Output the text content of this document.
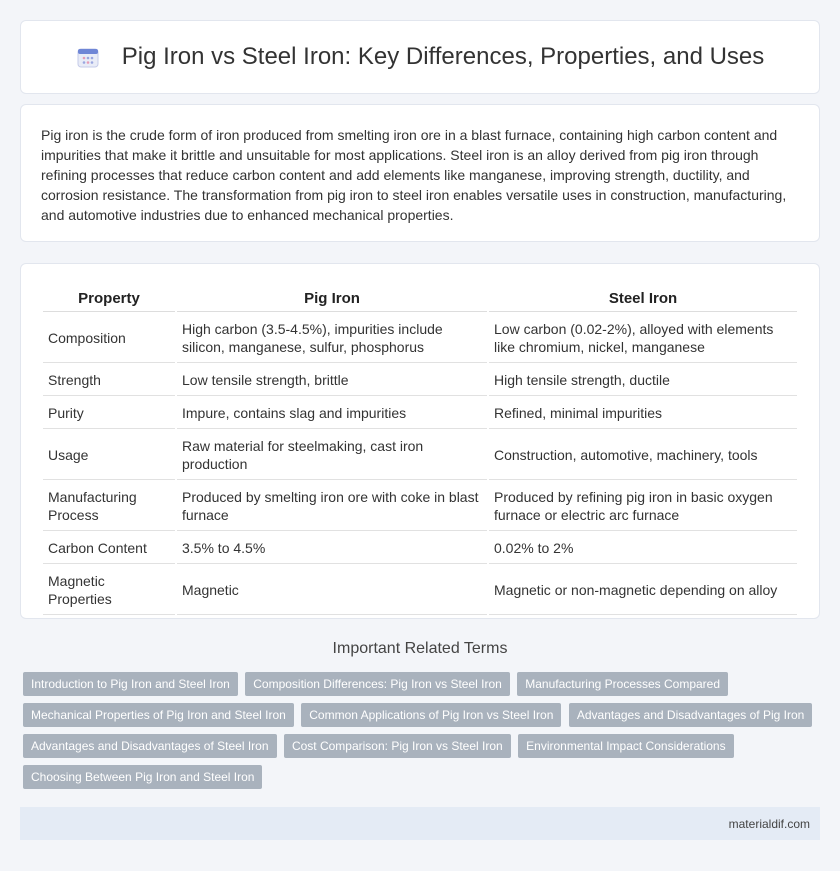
Pig Iron vs Steel Iron: Key Differences, Properties, and Uses

Pig iron is the crude form of iron produced from smelting iron ore in a blast furnace, containing high carbon content and impurities that make it brittle and unsuitable for most applications. Steel iron is an alloy derived from pig iron through refining processes that reduce carbon content and add elements like manganese, improving strength, ductility, and corrosion resistance. The transformation from pig iron to steel iron enables versatile uses in construction, manufacturing, and automotive industries due to enhanced mechanical properties.

Property	Pig Iron	Steel Iron
Composition	High carbon (3.5-4.5%), impurities include silicon, manganese, sulfur, phosphorus	Low carbon (0.02-2%), alloyed with elements like chromium, nickel, manganese
Strength	Low tensile strength, brittle	High tensile strength, ductile
Purity	Impure, contains slag and impurities	Refined, minimal impurities
Usage	Raw material for steelmaking, cast iron production	Construction, automotive, machinery, tools
Manufacturing Process	Produced by smelting iron ore with coke in blast furnace	Produced by refining pig iron in basic oxygen furnace or electric arc furnace
Carbon Content	3.5% to 4.5%	0.02% to 2%
Magnetic Properties	Magnetic	Magnetic or non-magnetic depending on alloy
Important Related Terms
Introduction to Pig Iron and Steel Iron Composition Differences: Pig Iron vs Steel Iron Manufacturing Processes Compared Mechanical Properties of Pig Iron and Steel Iron Common Applications of Pig Iron vs Steel Iron Advantages and Disadvantages of Pig Iron Advantages and Disadvantages of Steel Iron Cost Comparison: Pig Iron vs Steel Iron Environmental Impact Considerations Choosing Between Pig Iron and Steel Iron
materialdif.com
